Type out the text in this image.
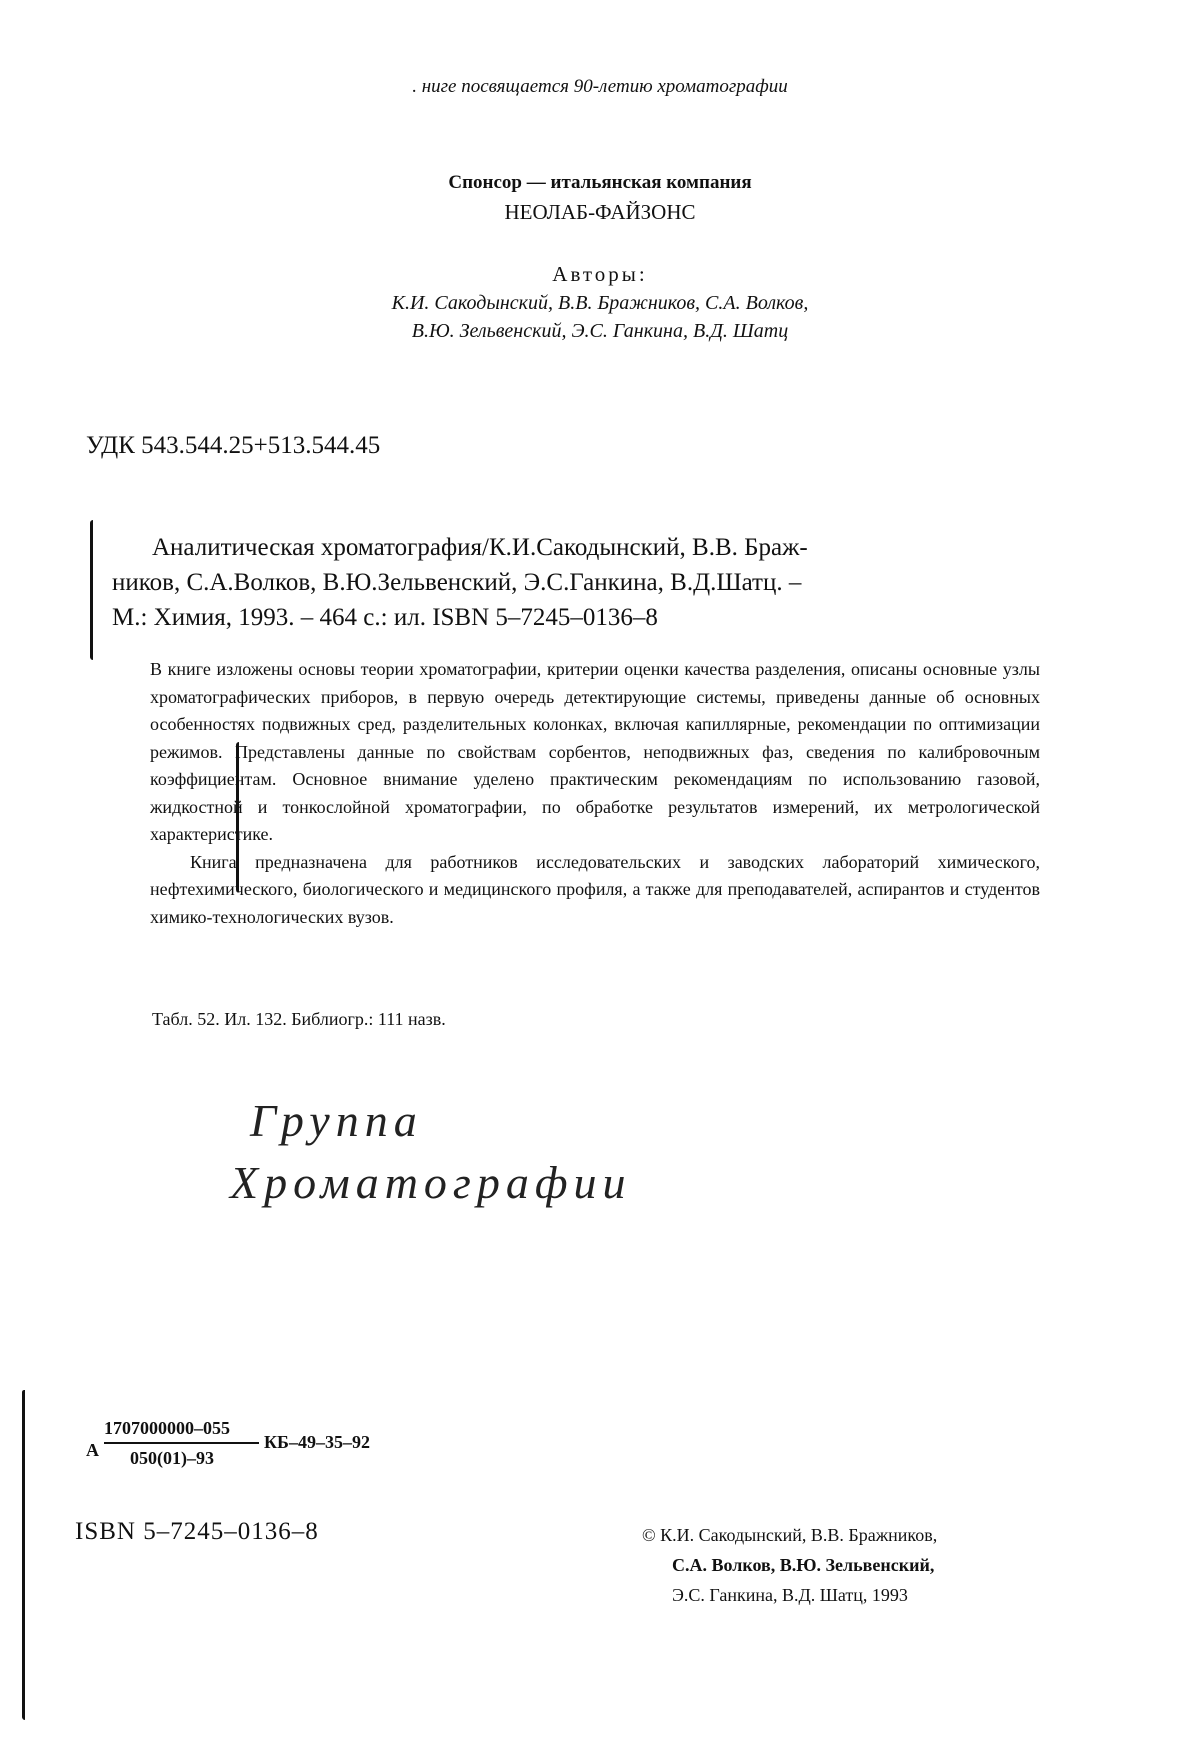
. ниге посвящается 90-летию хроматографии
Спонсор — итальянская компания
НЕОЛАБ-ФАЙЗОНС
Авторы:
К.И. Сакодынский, В.В. Бражников, С.А. Волков,
В.Ю. Зельвенский, Э.С. Ганкина, В.Д. Шатц
УДК 543.544.25+513.544.45
Аналитическая хроматография/К.И.Сакодынский, В.В. Браж-
ников, С.А.Волков, В.Ю.Зельвенский, Э.С.Ганкина, В.Д.Шатц. –
М.: Химия, 1993. – 464 с.: ил. ISBN 5–7245–0136–8

В книге изложены основы теории хроматографии, критерии оценки качества разделения, описаны основные узлы хроматографических приборов, в первую очередь детектирующие системы, приведены данные об основных особенностях подвижных сред, разделительных колонках, включая капиллярные, рекомендации по оптимизации режимов. Представлены данные по свойствам сорбентов, неподвижных фаз, сведения по калибровочным коэффициентам. Основное внимание уделено практическим рекомендациям по использованию газовой, жидкостной и тонкослойной хроматографии, по обработке результатов измерений, их метрологической характеристике.

Книга предназначена для работников исследовательских и заводских лабораторий химического, нефтехимического, биологического и медицинского профиля, а также для преподавателей, аспирантов и студентов химико-технологических вузов.

Табл. 52. Ил. 132. Библиогр.: 111 назв.
Группа
Хроматографии
А
1707000000–055
050(01)–93
КБ–49–35–92
ISBN 5–7245–0136–8	© К.И. Сакодынский, В.В. Бражников,
С.А. Волков, В.Ю. Зельвенский,
Э.С. Ганкина, В.Д. Шатц, 1993
